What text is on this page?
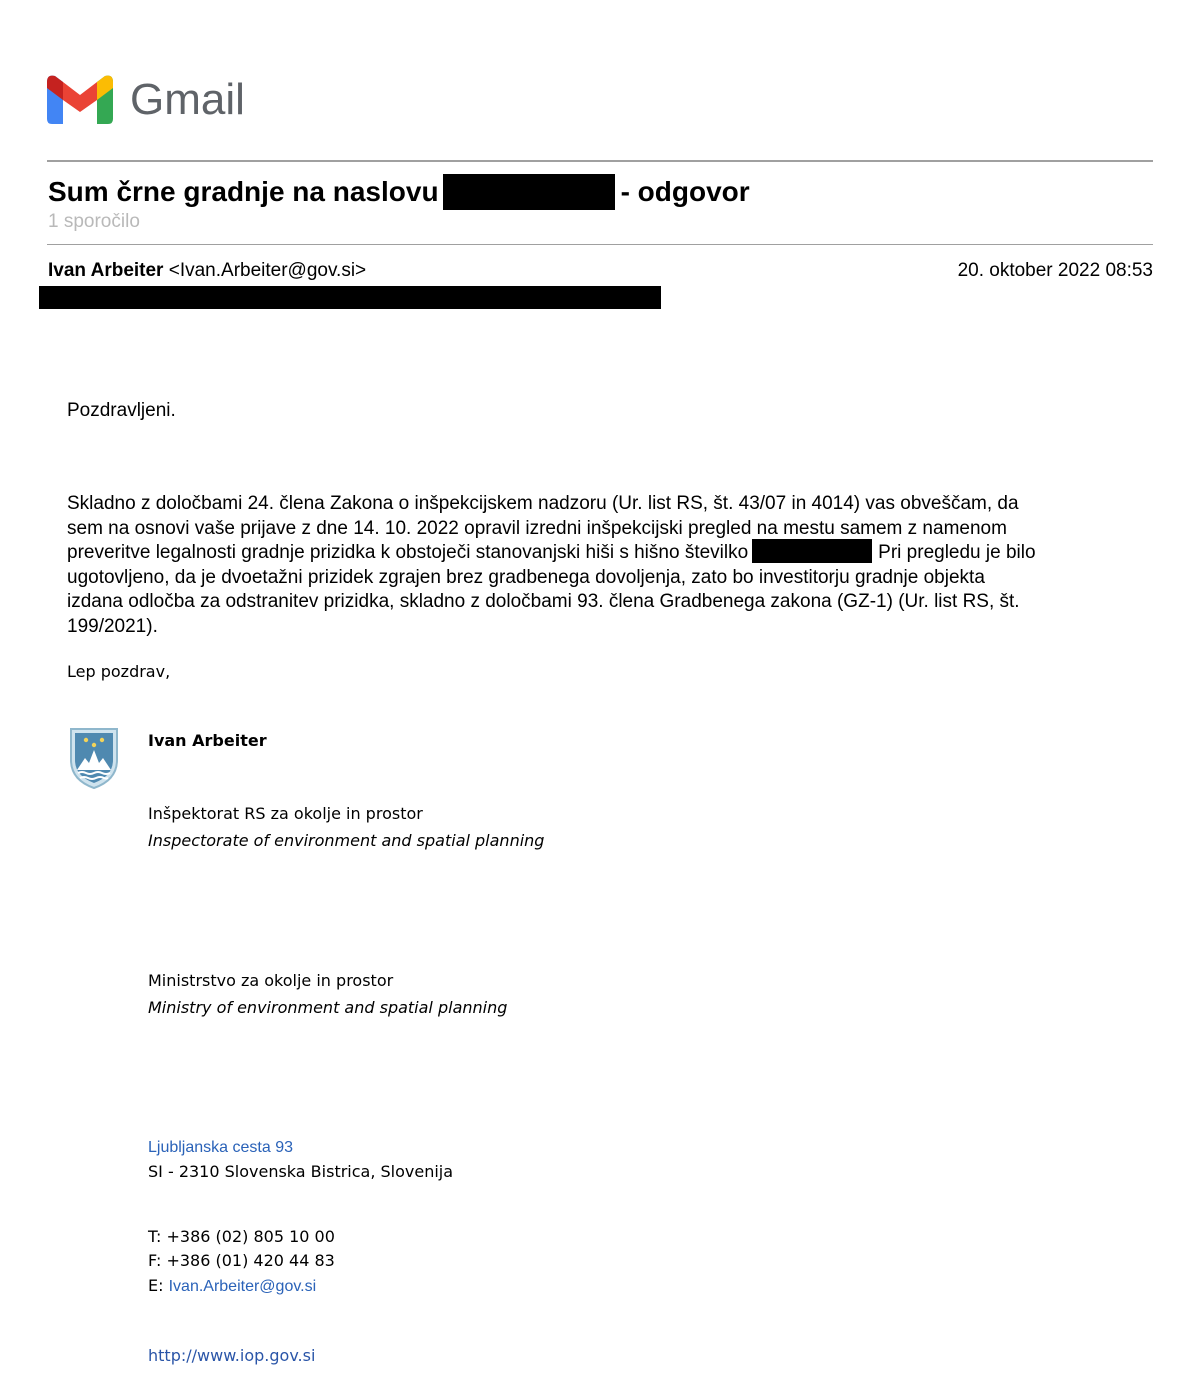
Gmail
Sum črne gradnje na naslovu	- odgovor
1 sporočilo
Ivan Arbeiter <Ivan.Arbeiter@gov.si>	20. oktober 2022 08:53
Pozdravljeni.
Skladno z določbami 24. člena Zakona o inšpekcijskem nadzoru (Ur. list RS, št. 43/07 in 4014) vas obveščam, da
sem na osnovi vaše prijave z dne 14. 10. 2022 opravil izredni inšpekcijski pregled na mestu samem z namenom
preveritve legalnosti gradnje prizidka k obstoječi stanovanjski hiši s hišno številko	Pri pregledu je bilo
ugotovljeno, da je dvoetažni prizidek zgrajen brez gradbenega dovoljenja, zato bo investitorju gradnje objekta
izdana odločba za odstranitev prizidka, skladno z določbami 93. člena Gradbenega zakona (GZ-1) (Ur. list RS, št.
199/2021).
Lep pozdrav,
Ivan Arbeiter
Inšpektorat RS za okolje in prostor
Inspectorate of environment and spatial planning
Ministrstvo za okolje in prostor
Ministry of environment and spatial planning
Ljubljanska cesta 93
SI - 2310 Slovenska Bistrica, Slovenija
T: +386 (02) 805 10 00
F: +386 (01) 420 44 83
E: Ivan.Arbeiter@gov.si
http://www.iop.gov.si
